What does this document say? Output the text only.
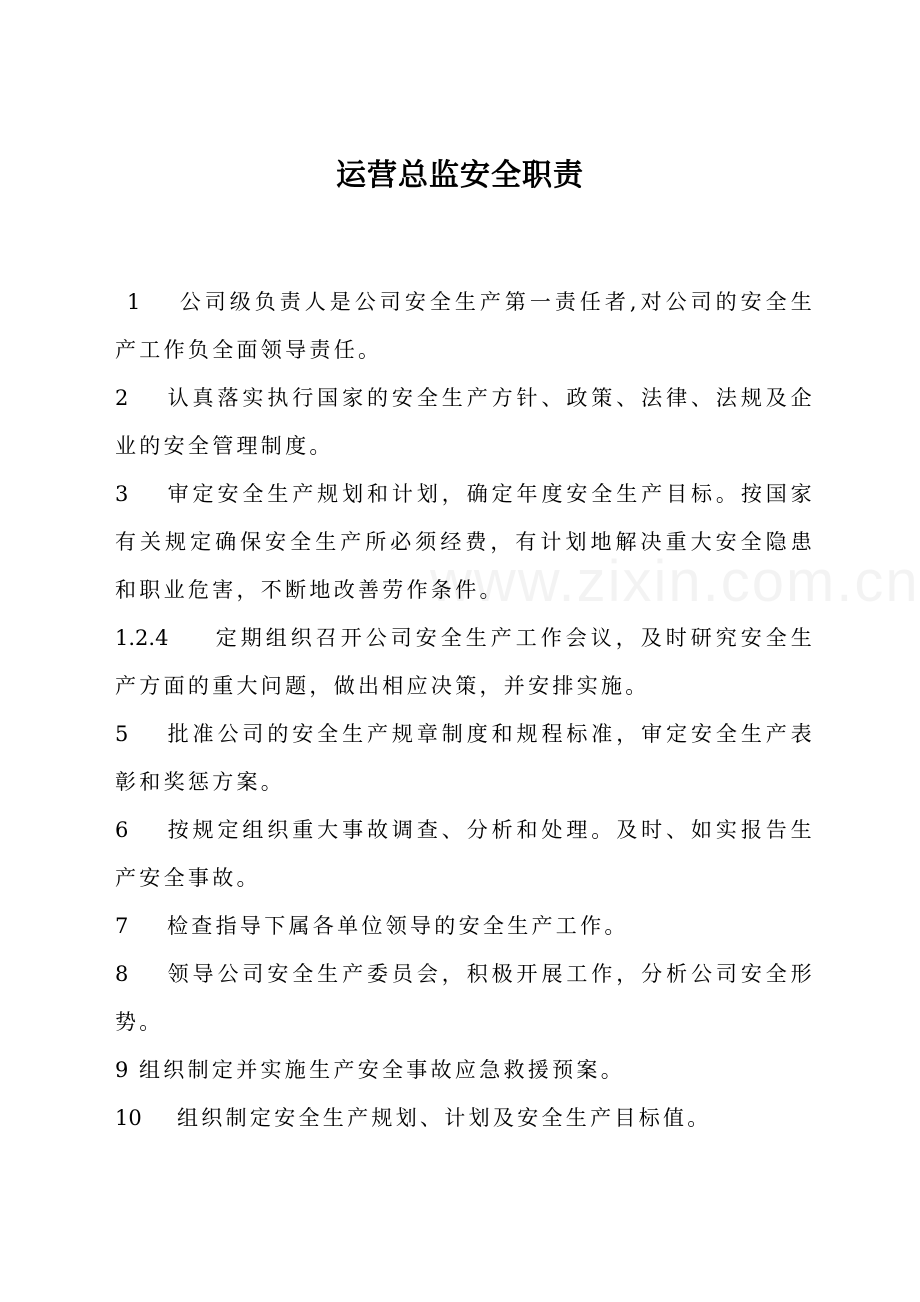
运营总监安全职责

1 公司级负责人是公司安全生产第一责任者,对公司的安全生产工作负全面领导责任。

2 认真落实执行国家的安全生产方针、政策、法律、法规及企业的安全管理制度。

3 审定安全生产规划和计划，确定年度安全生产目标。按国家有关规定确保安全生产所必须经费，有计划地解决重大安全隐患和职业危害，不断地改善劳作条件。

1.2.4 定期组织召开公司安全生产工作会议，及时研究安全生产方面的重大问题，做出相应决策，并安排实施。

5 批准公司的安全生产规章制度和规程标准，审定安全生产表彰和奖惩方案。

6 按规定组织重大事故调查、分析和处理。及时、如实报告生产安全事故。

7 检查指导下属各单位领导的安全生产工作。

8 领导公司安全生产委员会，积极开展工作，分析公司安全形势。

9 组织制定并实施生产安全事故应急救援预案。

10 组织制定安全生产规划、计划及安全生产目标值。
